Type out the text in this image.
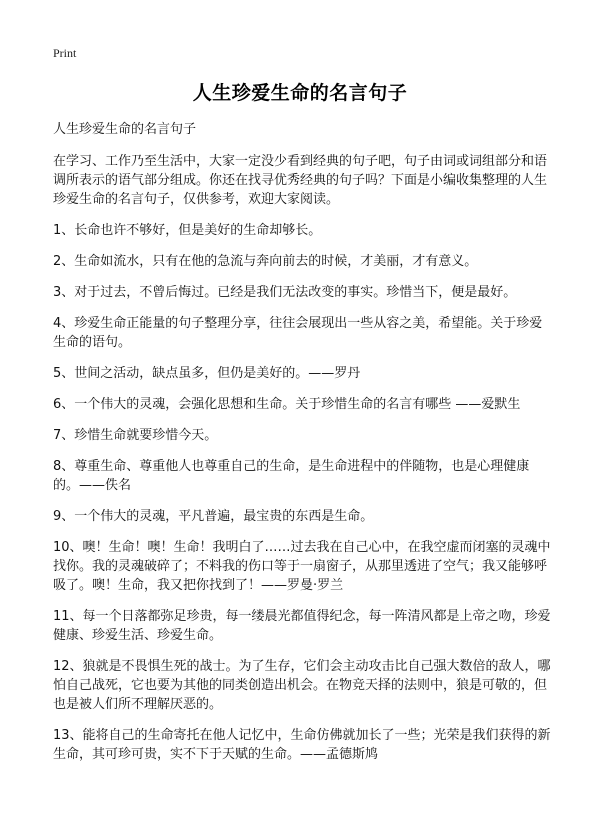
Print
人生珍爱生命的名言句子

人生珍爱生命的名言句子

在学习、工作乃至生活中，大家一定没少看到经典的句子吧，句子由词或词组部分和语调所表示的语气部分组成。你还在找寻优秀经典的句子吗？下面是小编收集整理的人生珍爱生命的名言句子，仅供参考，欢迎大家阅读。

1、长命也许不够好，但是美好的生命却够长。

2、生命如流水，只有在他的急流与奔向前去的时候，才美丽，才有意义。

3、对于过去，不曾后悔过。已经是我们无法改变的事实。珍惜当下，便是最好。

4、珍爱生命正能量的句子整理分享，往往会展现出一些从容之美，希望能。关于珍爱生命的语句。

5、世间之活动，缺点虽多，但仍是美好的。——罗丹

6、一个伟大的灵魂，会强化思想和生命。关于珍惜生命的名言有哪些 ——爱默生

7、珍惜生命就要珍惜今天。

8、尊重生命、尊重他人也尊重自己的生命，是生命进程中的伴随物，也是心理健康的。——佚名

9、一个伟大的灵魂，平凡普遍，最宝贵的东西是生命。

10、噢！生命！噢！生命！我明白了……过去我在自己心中，在我空虚而闭塞的灵魂中找你。我的灵魂破碎了；不料我的伤口等于一扇窗子，从那里透进了空气；我又能够呼吸了。噢！生命，我又把你找到了！——罗曼·罗兰

11、每一个日落都弥足珍贵，每一缕晨光都值得纪念，每一阵清风都是上帝之吻，珍爱健康、珍爱生活、珍爱生命。

12、狼就是不畏惧生死的战士。为了生存，它们会主动攻击比自己强大数倍的敌人，哪怕自己战死，它也要为其他的同类创造出机会。在物竞天择的法则中，狼是可敬的，但也是被人们所不理解厌恶的。

13、能将自己的生命寄托在他人记忆中，生命仿佛就加长了一些；光荣是我们获得的新生命，其可珍可贵，实不下于天赋的生命。——孟德斯鸠
